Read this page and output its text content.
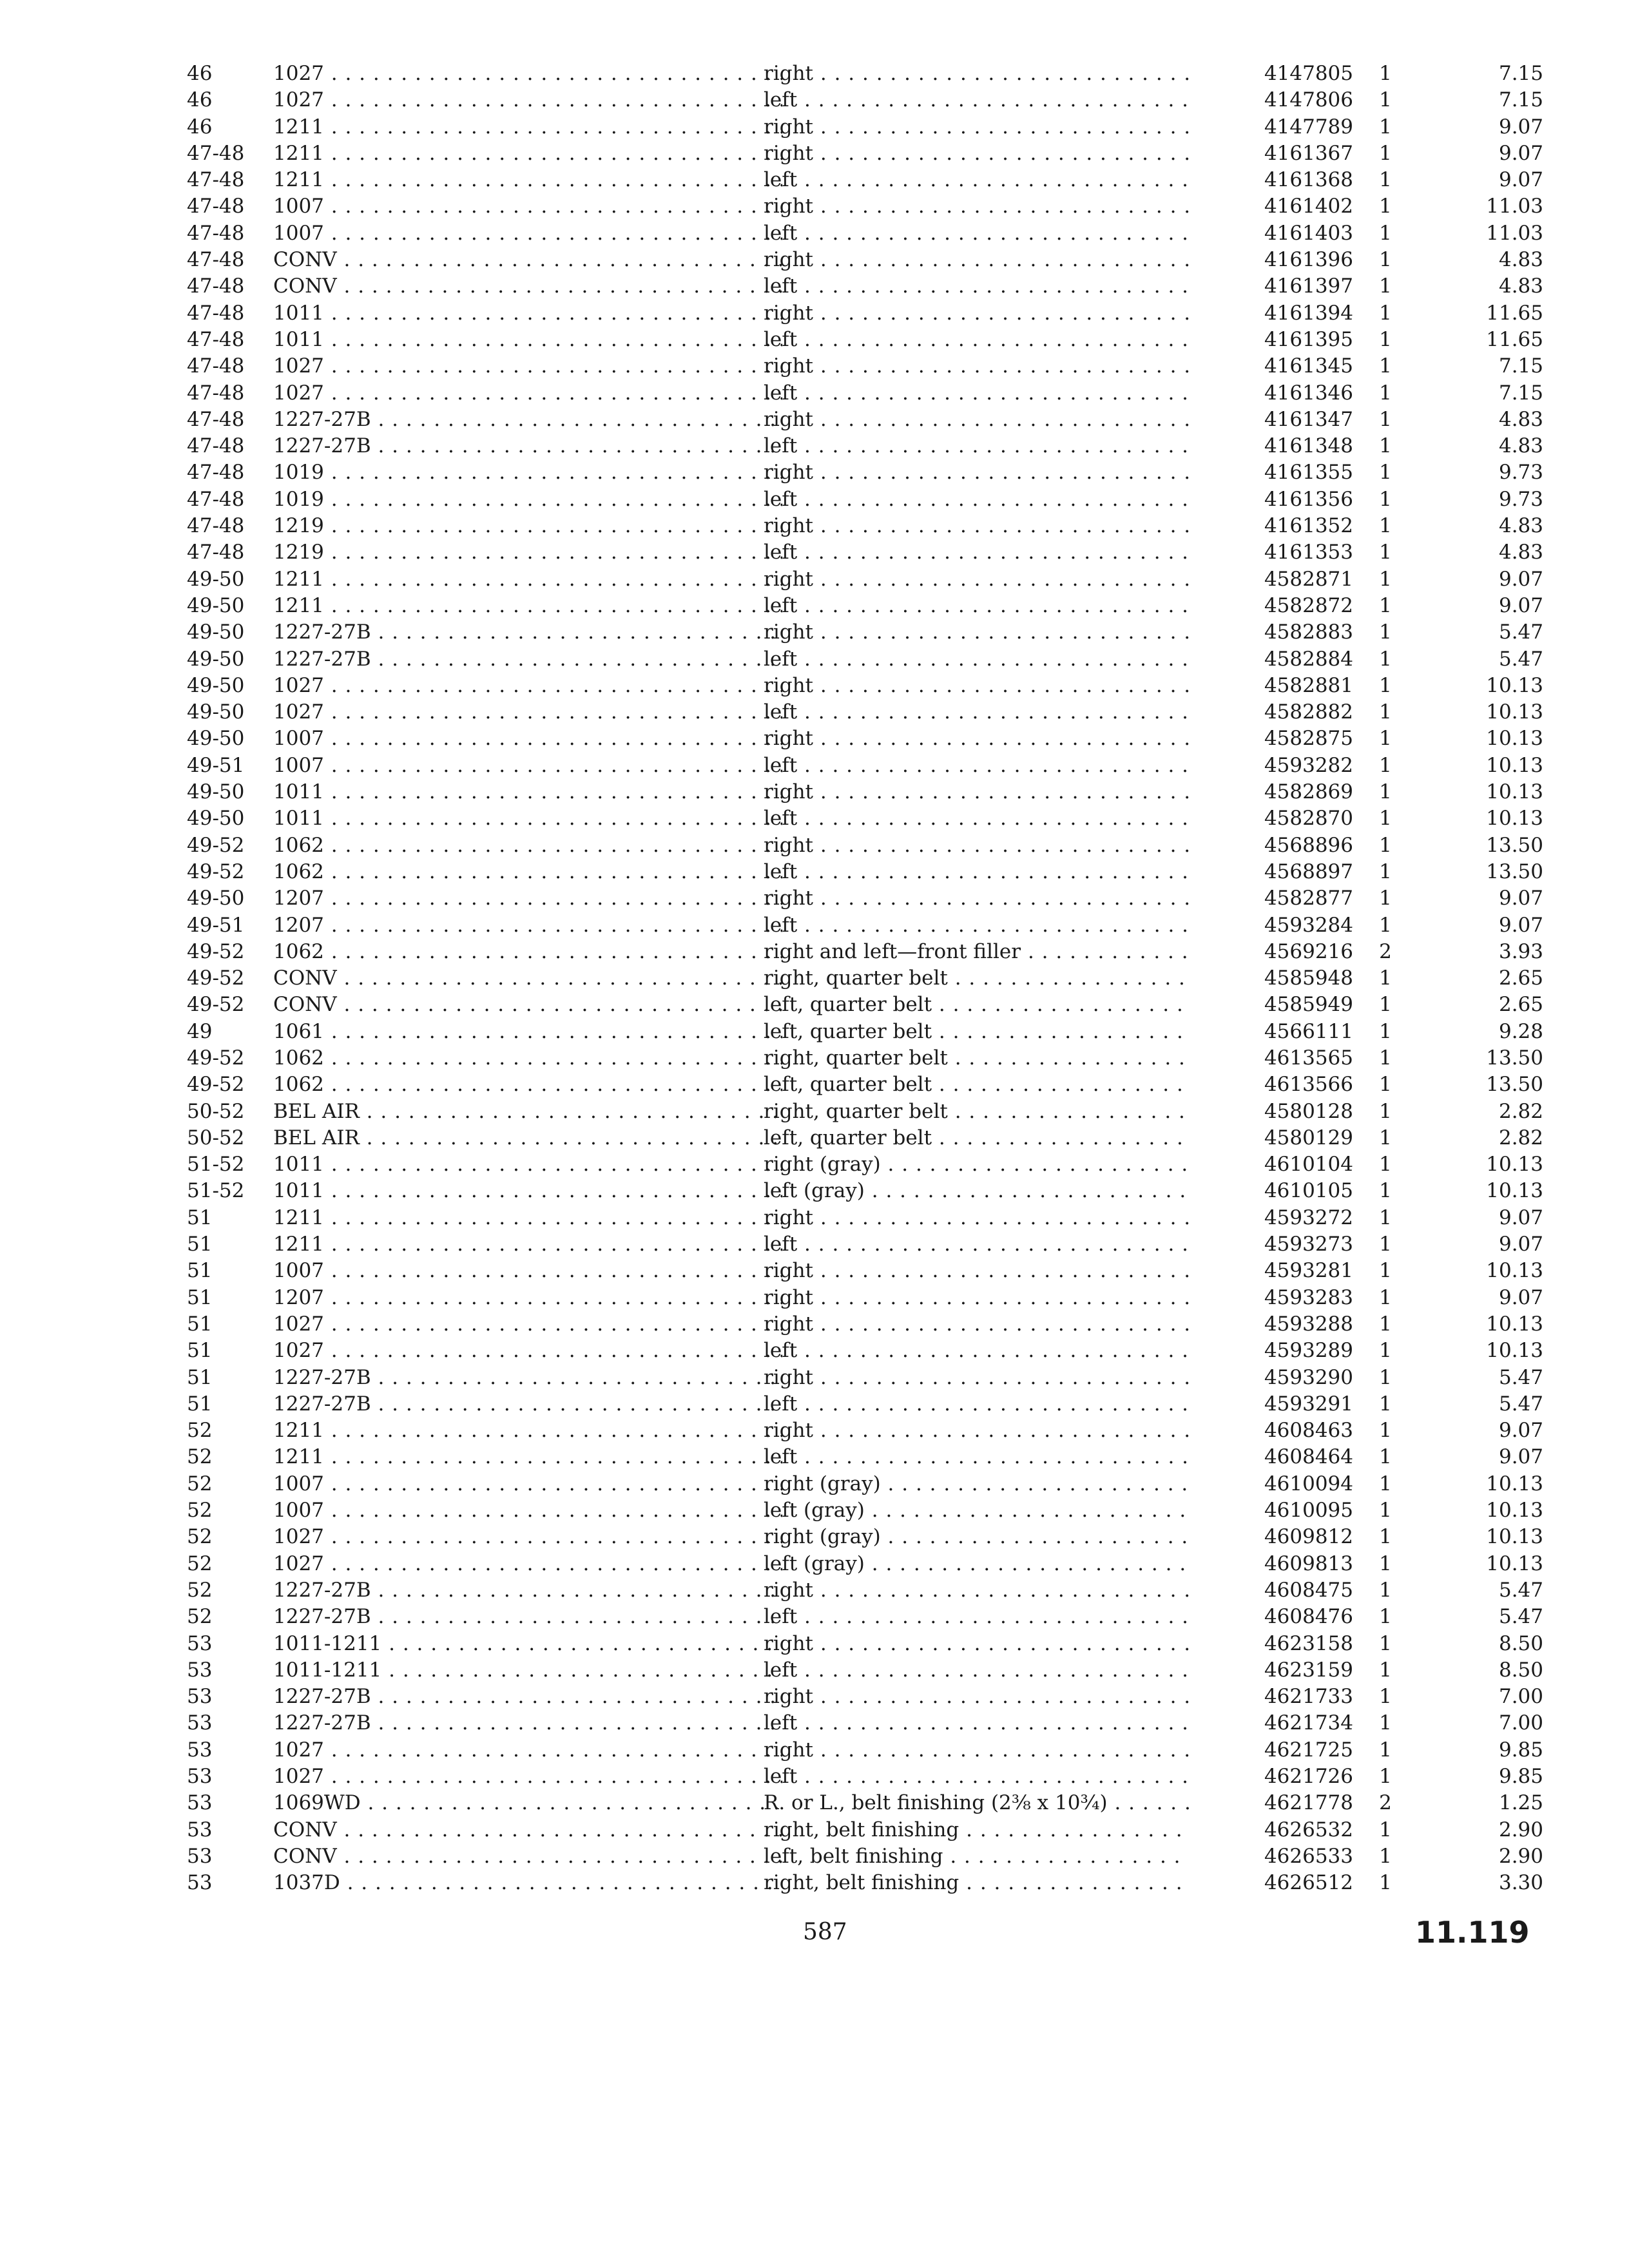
46	1027 . . .	right . . .	4147805	1	7.15
46	1027 . . .	left . . .	4147806	1	7.15
46	1211 . . .	right . . .	4147789	1	9.07
47-48	1211 . . .	right . . .	4161367	1	9.07
47-48	1211 . . .	left . . .	4161368	1	9.07
47-48	1007 . . .	right . . .	4161402	1	11.03
47-48	1007 . . .	left . . .	4161403	1	11.03
47-48	CONV . . .	right . . .	4161396	1	4.83
47-48	CONV . . .	left . . .	4161397	1	4.83
47-48	1011 . . .	right . . .	4161394	1	11.65
47-48	1011 . . .	left . . .	4161395	1	11.65
47-48	1027 . . .	right . . .	4161345	1	7.15
47-48	1027 . . .	left . . .	4161346	1	7.15
47-48	1227-27B . . .	right . . .	4161347	1	4.83
47-48	1227-27B . . .	left . . .	4161348	1	4.83
47-48	1019 . . .	right . . .	4161355	1	9.73
47-48	1019 . . .	left . . .	4161356	1	9.73
47-48	1219 . . .	right . . .	4161352	1	4.83
47-48	1219 . . .	left . . .	4161353	1	4.83
49-50	1211 . . .	right . . .	4582871	1	9.07
49-50	1211 . . .	left . . .	4582872	1	9.07
49-50	1227-27B . . .	right . . .	4582883	1	5.47
49-50	1227-27B . . .	left . . .	4582884	1	5.47
49-50	1027 . . .	right . . .	4582881	1	10.13
49-50	1027 . . .	left . . .	4582882	1	10.13
49-50	1007 . . .	right . . .	4582875	1	10.13
49-51	1007 . . .	left . . .	4593282	1	10.13
49-50	1011 . . .	right . . .	4582869	1	10.13
49-50	1011 . . .	left . . .	4582870	1	10.13
49-52	1062 . . .	right . . .	4568896	1	13.50
49-52	1062 . . .	left . . .	4568897	1	13.50
49-50	1207 . . .	right . . .	4582877	1	9.07
49-51	1207 . . .	left . . .	4593284	1	9.07
49-52	1062 . . .	right and left—front filler . . .	4569216	2	3.93
49-52	CONV . . .	right, quarter belt . . .	4585948	1	2.65
49-52	CONV . . .	left, quarter belt . . .	4585949	1	2.65
49	1061 . . .	left, quarter belt . . .	4566111	1	9.28
49-52	1062 . . .	right, quarter belt . . .	4613565	1	13.50
49-52	1062 . . .	left, quarter belt . . .	4613566	1	13.50
50-52	BEL AIR . . .	right, quarter belt . . .	4580128	1	2.82
50-52	BEL AIR . . .	left, quarter belt . . .	4580129	1	2.82
51-52	1011 . . .	right (gray) . . .	4610104	1	10.13
51-52	1011 . . .	left (gray) . . .	4610105	1	10.13
51	1211 . . .	right . . .	4593272	1	9.07
51	1211 . . .	left . . .	4593273	1	9.07
51	1007 . . .	right . . .	4593281	1	10.13
51	1207 . . .	right . . .	4593283	1	9.07
51	1027 . . .	right . . .	4593288	1	10.13
51	1027 . . .	left . . .	4593289	1	10.13
51	1227-27B . . .	right . . .	4593290	1	5.47
51	1227-27B . . .	left . . .	4593291	1	5.47
52	1211 . . .	right . . .	4608463	1	9.07
52	1211 . . .	left . . .	4608464	1	9.07
52	1007 . . .	right (gray) . . .	4610094	1	10.13
52	1007 . . .	left (gray) . . .	4610095	1	10.13
52	1027 . . .	right (gray) . . .	4609812	1	10.13
52	1027 . . .	left (gray) . . .	4609813	1	10.13
52	1227-27B . . .	right . . .	4608475	1	5.47
52	1227-27B . . .	left . . .	4608476	1	5.47
53	1011-1211 . . .	right . . .	4623158	1	8.50
53	1011-1211 . . .	left . . .	4623159	1	8.50
53	1227-27B . . .	right . . .	4621733	1	7.00
53	1227-27B . . .	left . . .	4621734	1	7.00
53	1027 . . .	right . . .	4621725	1	9.85
53	1027 . . .	left . . .	4621726	1	9.85
53	1069WD . . .	R. or L., belt finishing (2⅜ x 10¾) . . .	4621778	2	1.25
53	CONV . . .	right, belt finishing . . .	4626532	1	2.90
53	CONV . . .	left, belt finishing . . .	4626533	1	2.90
53	1037D . . .	right, belt finishing . . .	4626512	1	3.30
587	11.119
